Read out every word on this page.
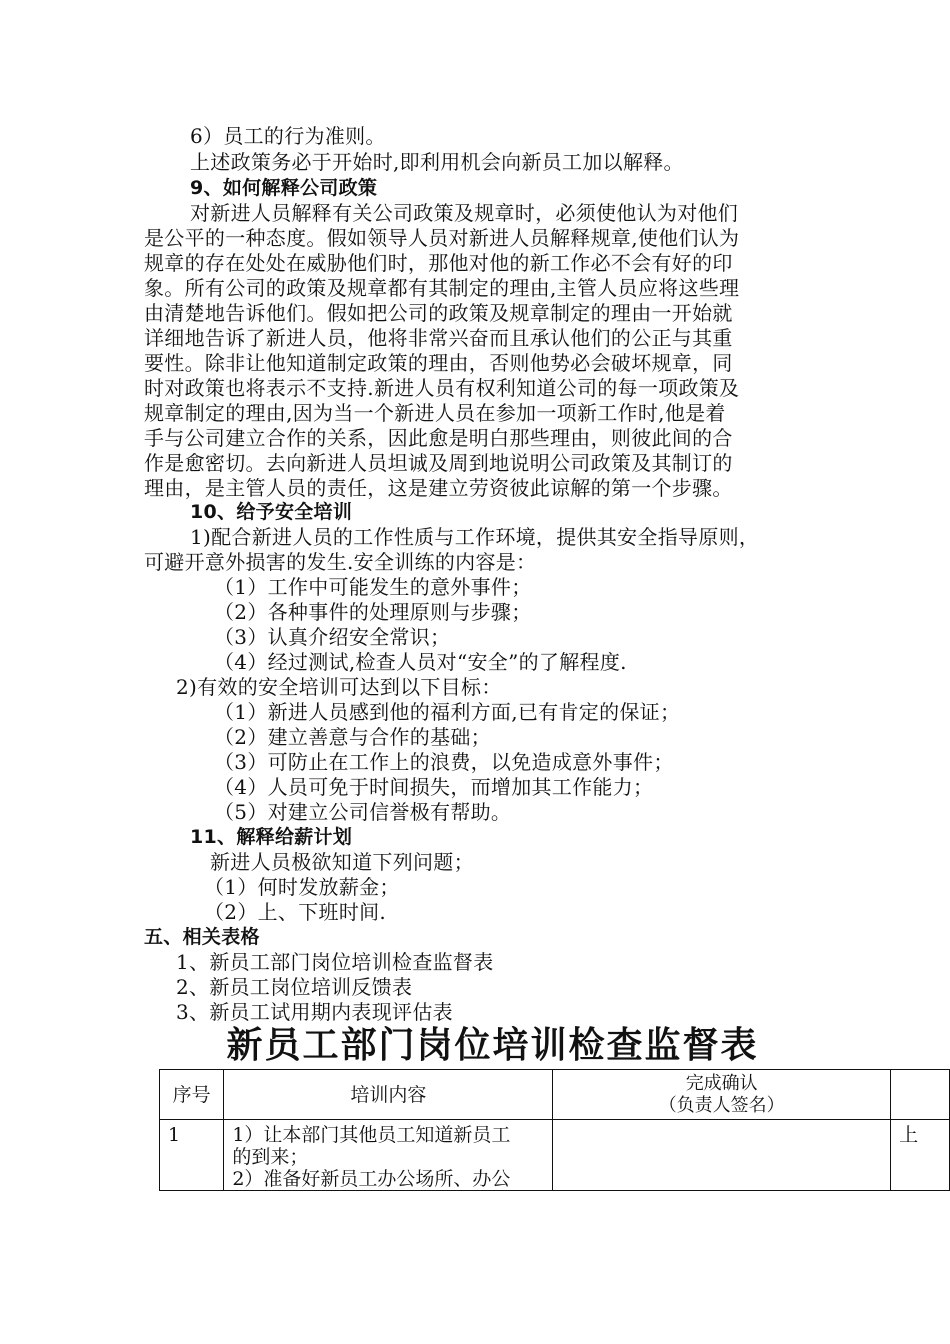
6）员工的行为准则。
上述政策务必于开始时,即利用机会向新员工加以解释。
9、如何解释公司政策
对新进人员解释有关公司政策及规章时，必须使他认为对他们
是公平的一种态度。假如领导人员对新进人员解释规章,使他们认为
规章的存在处处在威胁他们时，那他对他的新工作必不会有好的印
象。所有公司的政策及规章都有其制定的理由,主管人员应将这些理
由清楚地告诉他们。假如把公司的政策及规章制定的理由一开始就
详细地告诉了新进人员，他将非常兴奋而且承认他们的公正与其重
要性。除非让他知道制定政策的理由，否则他势必会破坏规章，同
时对政策也将表示不支持.新进人员有权利知道公司的每一项政策及
规章制定的理由,因为当一个新进人员在参加一项新工作时,他是着
手与公司建立合作的关系，因此愈是明白那些理由，则彼此间的合
作是愈密切。去向新进人员坦诚及周到地说明公司政策及其制订的
理由，是主管人员的责任，这是建立劳资彼此谅解的第一个步骤。
10、给予安全培训
1)配合新进人员的工作性质与工作环境，提供其安全指导原则，
可避开意外损害的发生.安全训练的内容是：
（1）工作中可能发生的意外事件；
（2）各种事件的处理原则与步骤；
（3）认真介绍安全常识；
（4）经过测试,检查人员对“安全”的了解程度.
2)有效的安全培训可达到以下目标：
（1）新进人员感到他的福利方面,已有肯定的保证；
（2）建立善意与合作的基础；
（3）可防止在工作上的浪费，以免造成意外事件；
（4）人员可免于时间损失，而增加其工作能力；
（5）对建立公司信誉极有帮助。
11、解释给薪计划
新进人员极欲知道下列问题；
（1）何时发放薪金；
（2）上、下班时间.
五、相关表格
1、新员工部门岗位培训检查监督表
2、新员工岗位培训反馈表
3、新员工试用期内表现评估表
新员工部门岗位培训检查监督表
序号	培训内容	完成确认
（负责人签名）	

1	1）让本部门其他员工知道新员工
的到来；
2）准备好新员工办公场所、办公		上
